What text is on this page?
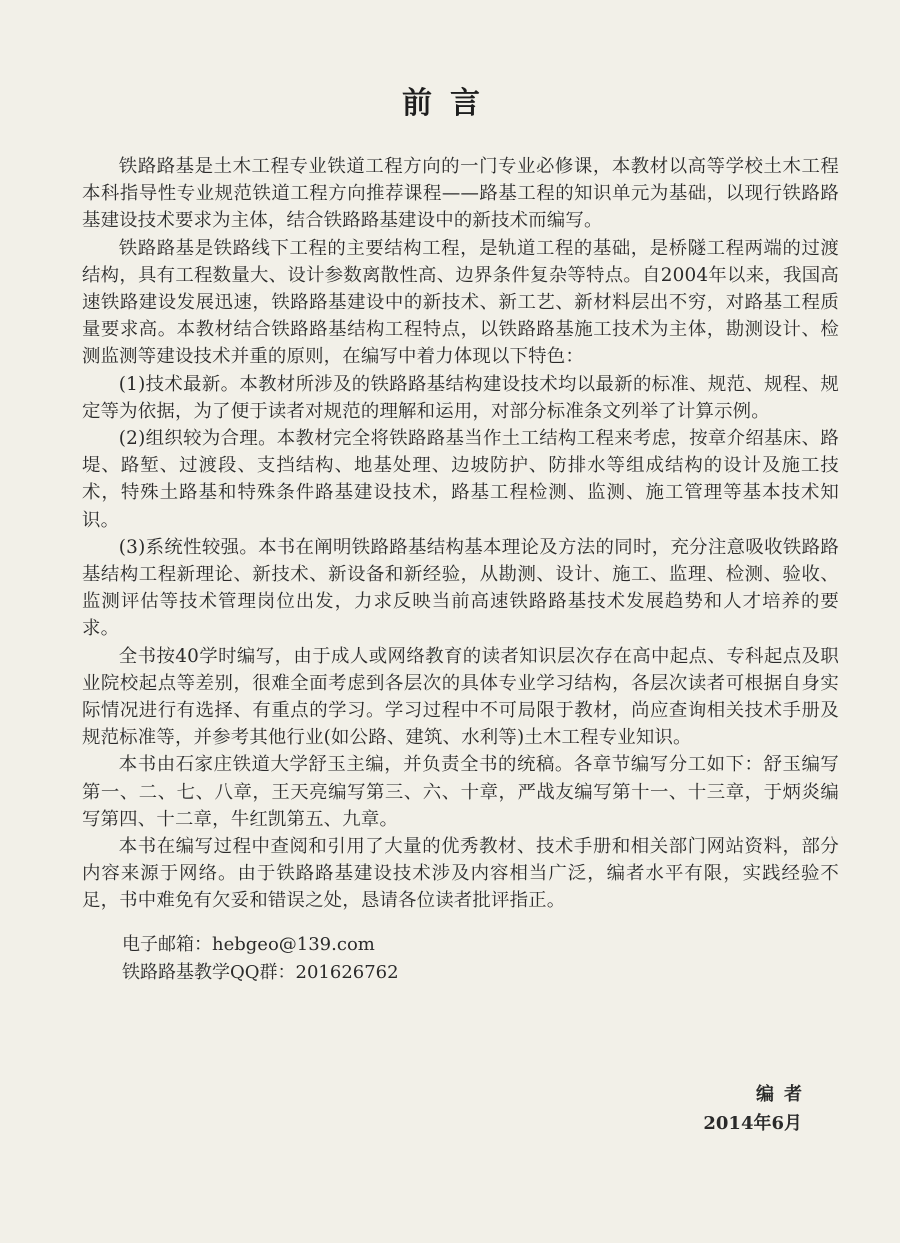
前言

铁路路基是土木工程专业铁道工程方向的一门专业必修课，本教材以高等学校土木工程本科指导性专业规范铁道工程方向推荐课程——路基工程的知识单元为基础，以现行铁路路基建设技术要求为主体，结合铁路路基建设中的新技术而编写。

铁路路基是铁路线下工程的主要结构工程，是轨道工程的基础，是桥隧工程两端的过渡结构，具有工程数量大、设计参数离散性高、边界条件复杂等特点。自2004年以来，我国高速铁路建设发展迅速，铁路路基建设中的新技术、新工艺、新材料层出不穷，对路基工程质量要求高。本教材结合铁路路基结构工程特点，以铁路路基施工技术为主体，勘测设计、检测监测等建设技术并重的原则，在编写中着力体现以下特色：

(1)技术最新。本教材所涉及的铁路路基结构建设技术均以最新的标准、规范、规程、规定等为依据，为了便于读者对规范的理解和运用，对部分标准条文列举了计算示例。

(2)组织较为合理。本教材完全将铁路路基当作土工结构工程来考虑，按章介绍基床、路堤、路堑、过渡段、支挡结构、地基处理、边坡防护、防排水等组成结构的设计及施工技术，特殊土路基和特殊条件路基建设技术，路基工程检测、监测、施工管理等基本技术知识。

(3)系统性较强。本书在阐明铁路路基结构基本理论及方法的同时，充分注意吸收铁路路基结构工程新理论、新技术、新设备和新经验，从勘测、设计、施工、监理、检测、验收、监测评估等技术管理岗位出发，力求反映当前高速铁路路基技术发展趋势和人才培养的要求。

全书按40学时编写，由于成人或网络教育的读者知识层次存在高中起点、专科起点及职业院校起点等差别，很难全面考虑到各层次的具体专业学习结构，各层次读者可根据自身实际情况进行有选择、有重点的学习。学习过程中不可局限于教材，尚应查询相关技术手册及规范标准等，并参考其他行业(如公路、建筑、水利等)土木工程专业知识。

本书由石家庄铁道大学舒玉主编，并负责全书的统稿。各章节编写分工如下：舒玉编写第一、二、七、八章，王天亮编写第三、六、十章，严战友编写第十一、十三章，于炳炎编写第四、十二章，牛红凯第五、九章。

本书在编写过程中查阅和引用了大量的优秀教材、技术手册和相关部门网站资料，部分内容来源于网络。由于铁路路基建设技术涉及内容相当广泛，编者水平有限，实践经验不足，书中难免有欠妥和错误之处，恳请各位读者批评指正。

电子邮箱：hebgeo@139.com
铁路路基教学QQ群：201626762
编者
2014年6月
